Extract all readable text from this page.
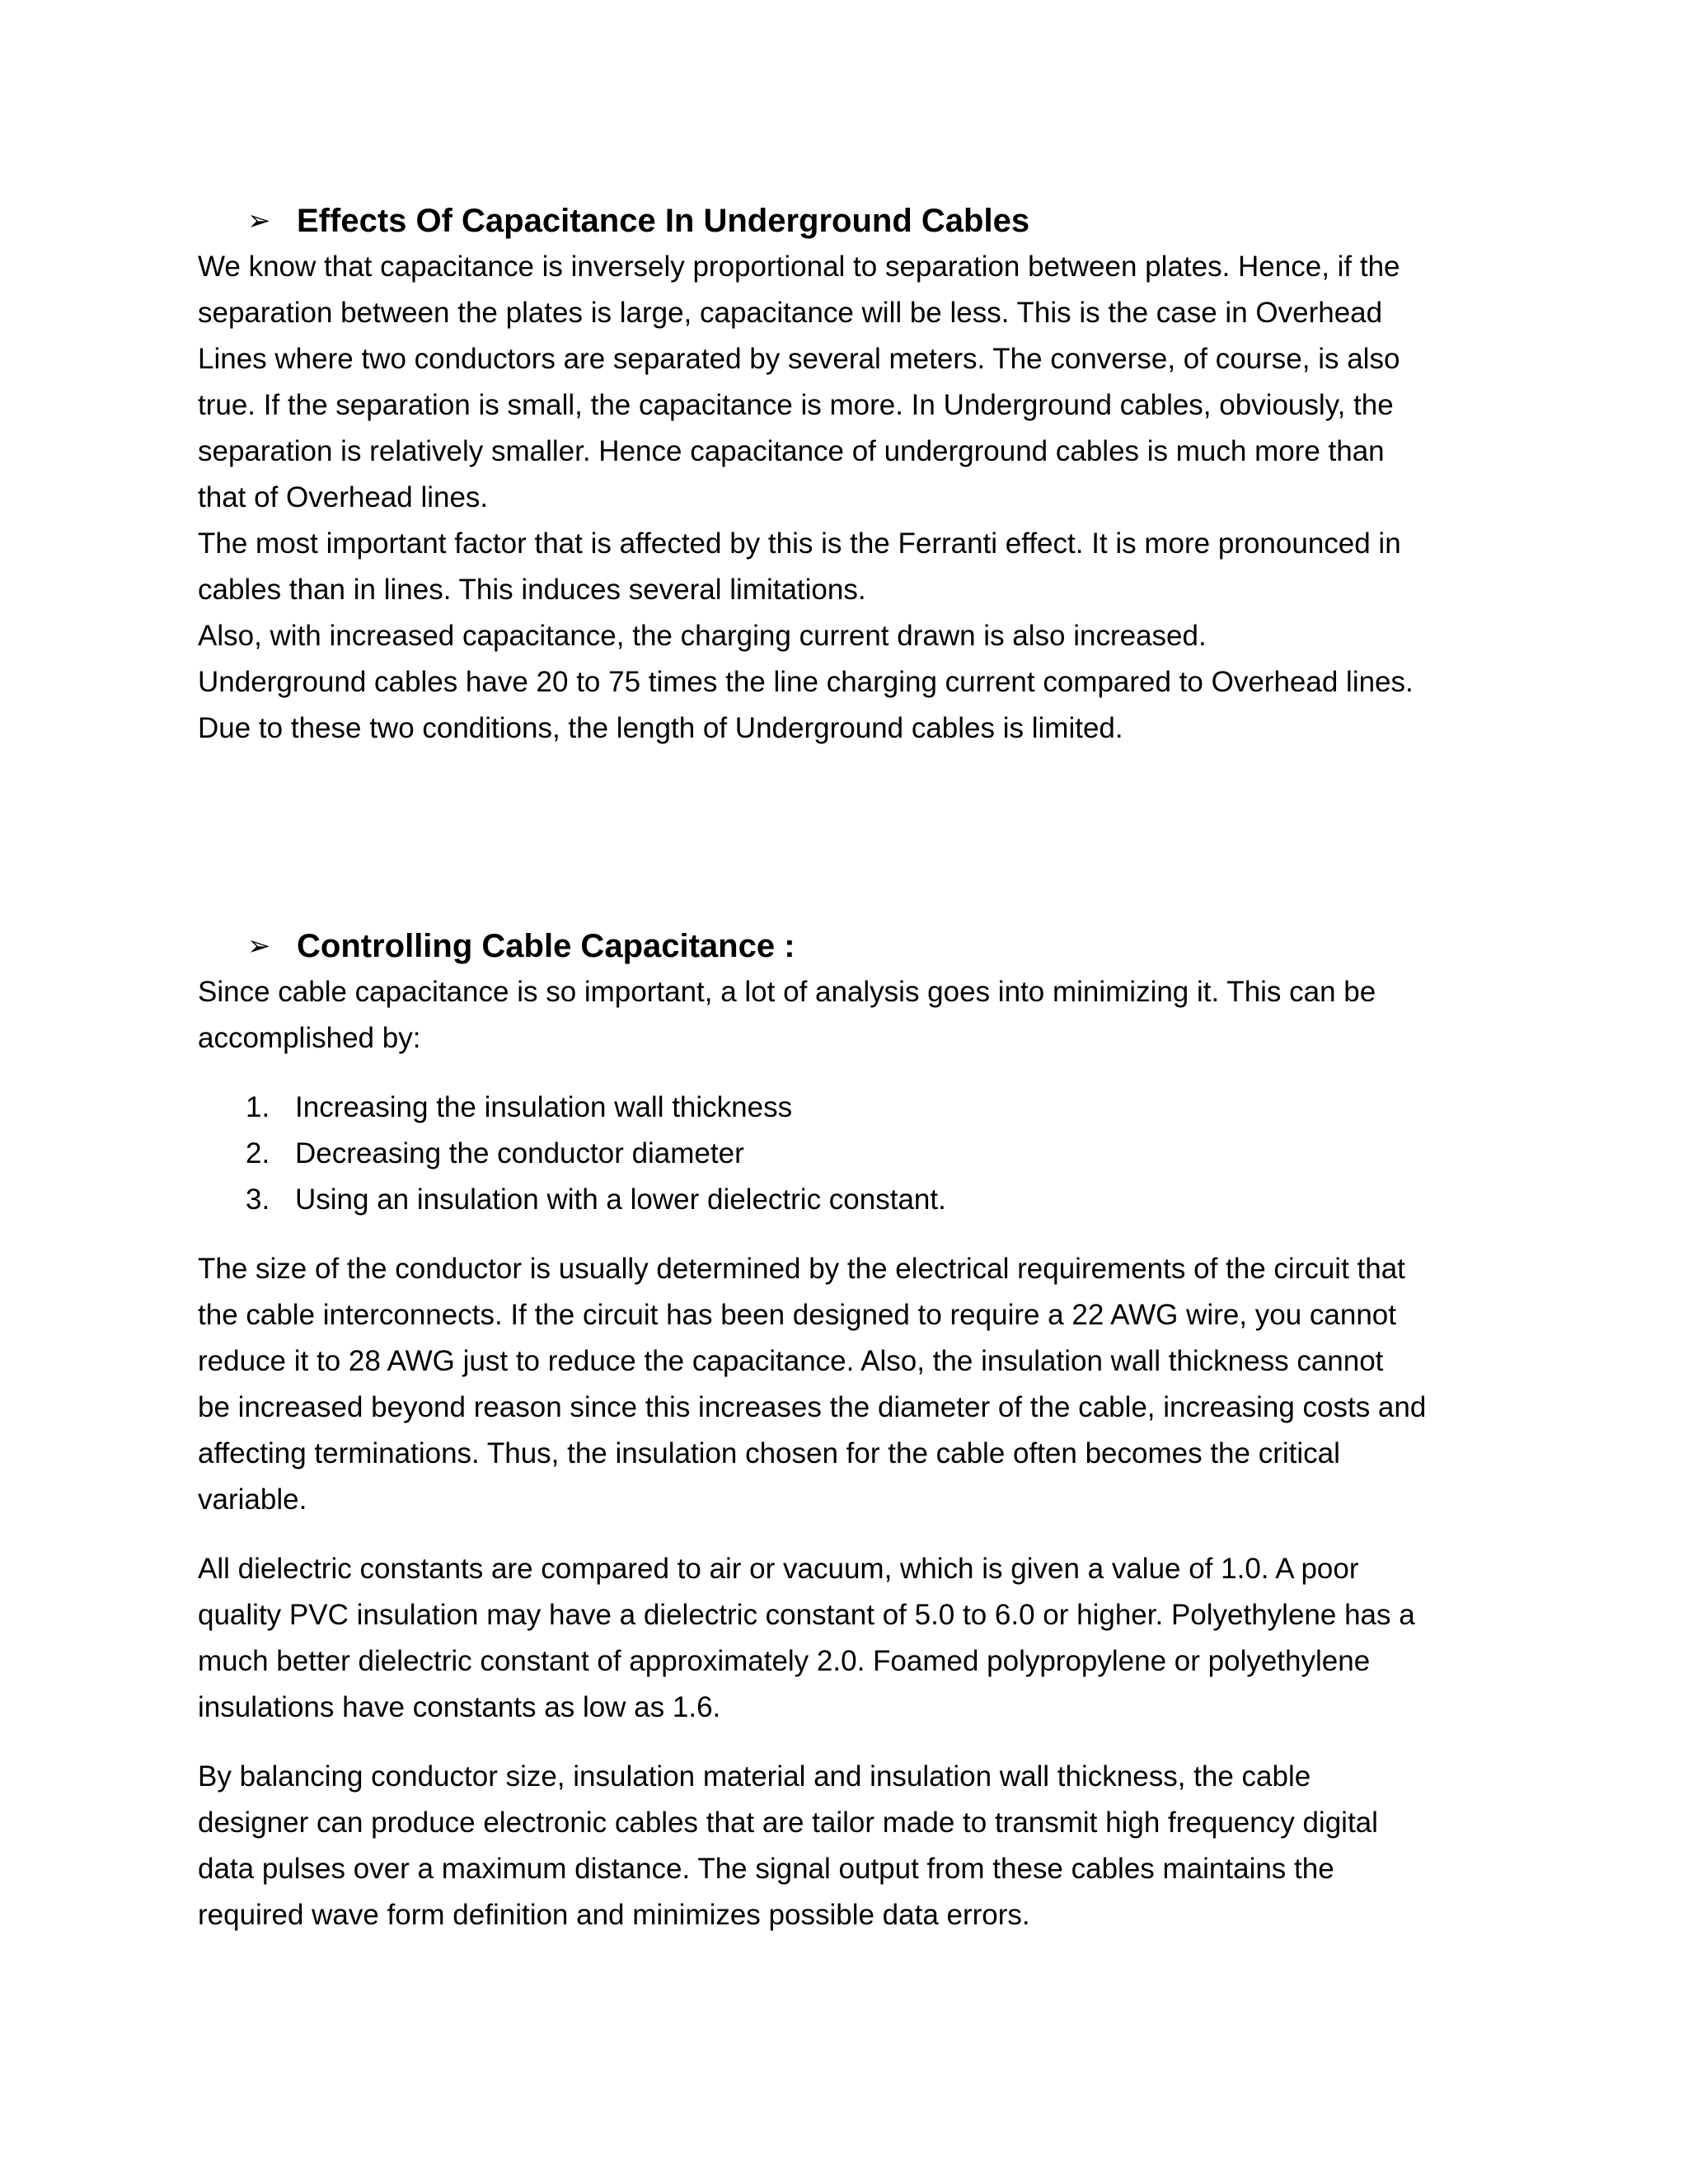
➢ Effects Of Capacitance In Underground Cables

We know that capacitance is inversely proportional to separation between plates. Hence, if the

separation between the plates is large, capacitance will be less. This is the case in Overhead

Lines where two conductors are separated by several meters. The converse, of course, is also

true. If the separation is small, the capacitance is more. In Underground cables, obviously, the

separation is relatively smaller. Hence capacitance of underground cables is much more than

that of Overhead lines.

The most important factor that is affected by this is the Ferranti effect. It is more pronounced in

cables than in lines. This induces several limitations.

Also, with increased capacitance, the charging current drawn is also increased.

Underground cables have 20 to 75 times the line charging current compared to Overhead lines.

Due to these two conditions, the length of Underground cables is limited.

➢ Controlling Cable Capacitance :

Since cable capacitance is so important, a lot of analysis goes into minimizing it. This can be

accomplished by:

1. Increasing the insulation wall thickness
2. Decreasing the conductor diameter
3. Using an insulation with a lower dielectric constant.

The size of the conductor is usually determined by the electrical requirements of the circuit that

the cable interconnects. If the circuit has been designed to require a 22 AWG wire, you cannot

reduce it to 28 AWG just to reduce the capacitance. Also, the insulation wall thickness cannot

be increased beyond reason since this increases the diameter of the cable, increasing costs and

affecting terminations. Thus, the insulation chosen for the cable often becomes the critical

variable.

All dielectric constants are compared to air or vacuum, which is given a value of 1.0. A poor

quality PVC insulation may have a dielectric constant of 5.0 to 6.0 or higher. Polyethylene has a

much better dielectric constant of approximately 2.0. Foamed polypropylene or polyethylene

insulations have constants as low as 1.6.

By balancing conductor size, insulation material and insulation wall thickness, the cable

designer can produce electronic cables that are tailor made to transmit high frequency digital

data pulses over a maximum distance. The signal output from these cables maintains the

required wave form definition and minimizes possible data errors.
